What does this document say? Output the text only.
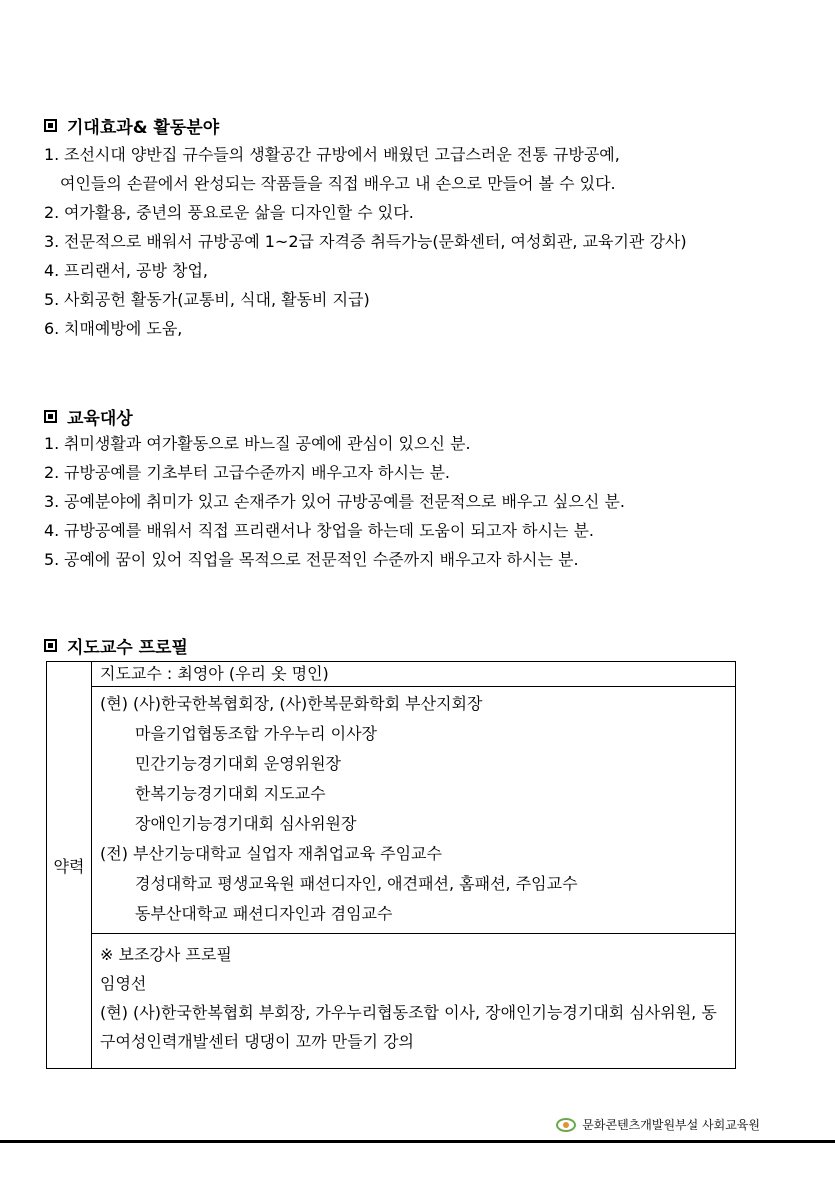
기대효과& 활동분야
1. 조선시대 양반집 규수들의 생활공간 규방에서 배웠던 고급스러운 전통 규방공예,
여인들의 손끝에서 완성되는 작품들을 직접 배우고 내 손으로 만들어 볼 수 있다.
2. 여가활용, 중년의 풍요로운 삶을 디자인할 수 있다.
3. 전문적으로 배워서 규방공예 1~2급 자격증 취득가능(문화센터, 여성회관, 교육기관 강사)
4. 프리랜서, 공방 창업,
5. 사회공헌 활동가(교통비, 식대, 활동비 지급)
6. 치매예방에 도움,
교육대상
1. 취미생활과 여가활동으로 바느질 공예에 관심이 있으신 분.
2. 규방공예를 기초부터 고급수준까지 배우고자 하시는 분.
3. 공예분야에 취미가 있고 손재주가 있어 규방공예를 전문적으로 배우고 싶으신 분.
4. 규방공예를 배워서 직접 프리랜서나 창업을 하는데 도움이 되고자 하시는 분.
5. 공예에 꿈이 있어 직업을 목적으로 전문적인 수준까지 배우고자 하시는 분.
지도교수 프로필
약력	
지도교수 : 최영아 (우리 옷 명인)

(현) (사)한국한복협회장, (사)한복문화학회 부산지회장
마을기업협동조합 가우누리 이사장
민간기능경기대회 운영위원장
한복기능경기대회 지도교수
장애인기능경기대회 심사위원장
(전) 부산기능대학교 실업자 재취업교육 주임교수
경성대학교 평생교육원 패션디자인, 애견패션, 홈패션, 주임교수
동부산대학교 패션디자인과 겸임교수

※ 보조강사 프로필
임영선
(현) (사)한국한복협회 부회장, 가우누리협동조합 이사, 장애인기능경기대회 심사위원, 동구여성인력개발센터 댕댕이 꼬까 만들기 강의
문화콘텐츠개발원부설 사회교육원
